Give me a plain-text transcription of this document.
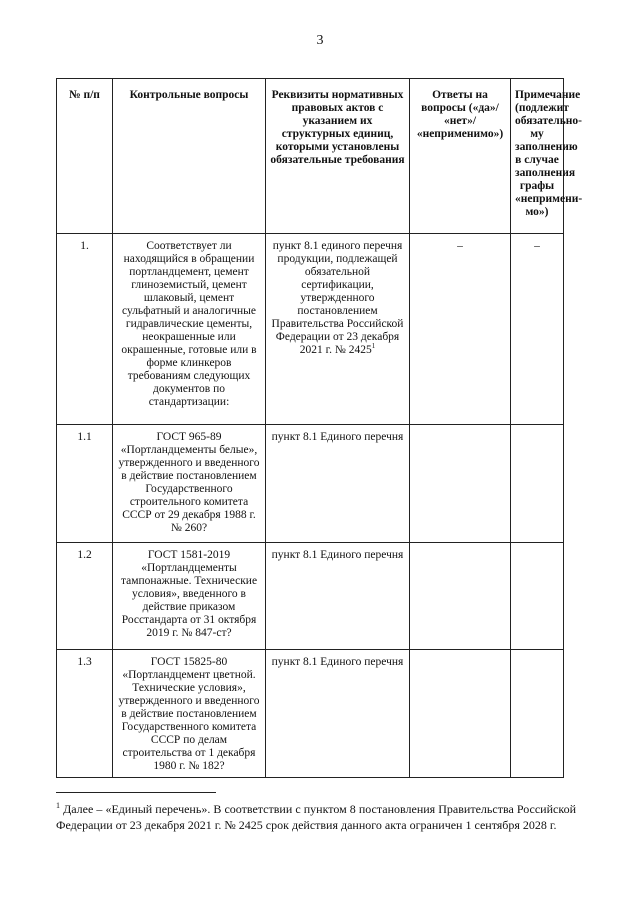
3
№ п/п	Контрольные вопросы	Реквизиты нормативных правовых актов с указанием их структурных единиц, которыми установлены обязательные требования	Ответы на вопросы («да»/ «нет»/ «неприменимо»)	Примечание (подлежит обязательно-му заполнению в случае заполнения графы «непримени-мо»)
1.	Соответствует ли находящийся в обращении портландцемент, цемент глиноземистый, цемент шлаковый, цемент сульфатный и аналогичные гидравлические цементы, неокрашенные или окрашенные, готовые или в форме клинкеров требованиям следующих документов по стандартизации:	пункт 8.1 единого перечня продукции, подлежащей обязательной сертификации, утвержденного постановлением Правительства Российской Федерации от 23 декабря 2021 г. № 2425$^1$	–	–
1.1	ГОСТ 965-89 «Портландцементы белые», утвержденного и введенного в действие постановлением Государственного строительного комитета СССР от 29 декабря 1988 г. № 260?	пункт 8.1 Единого перечня		
1.2	ГОСТ 1581-2019 «Портландцементы тампонажные. Технические условия», введенного в действие приказом Росстандарта от 31 октября 2019 г. № 847-ст?	пункт 8.1 Единого перечня		
1.3	ГОСТ 15825-80 «Портландцемент цветной. Технические условия», утвержденного и введенного в действие постановлением Государственного комитета СССР по делам строительства от 1 декабря 1980 г. № 182?	пункт 8.1 Единого перечня		
$^1$ Далее – «Единый перечень». В соответствии с пунктом 8 постановления Правительства Российской Федерации от 23 декабря 2021 г. № 2425 срок действия данного акта ограничен 1 сентября 2028 г.
